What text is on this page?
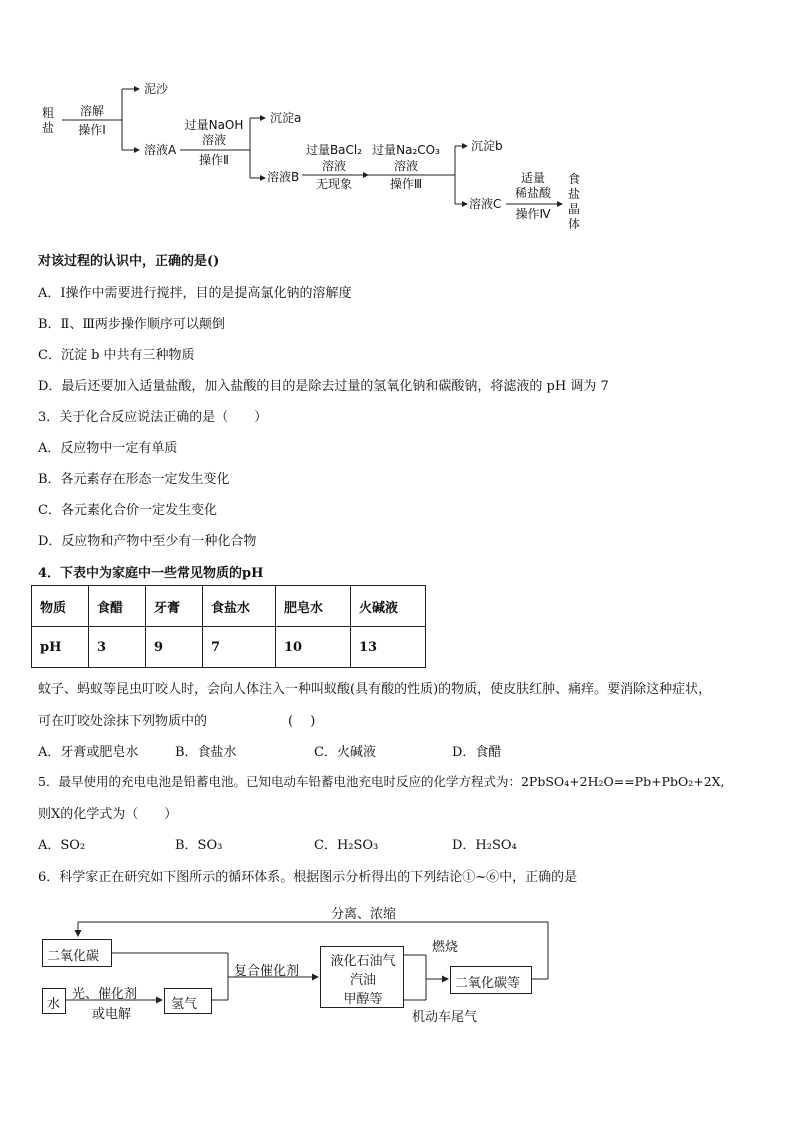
粗盐
溶解
操作Ⅰ
泥沙
溶液A
过量NaOH
溶液
操作Ⅱ
沉淀a
溶液B
过量BaCl₂
溶液
无现象
过量Na₂CO₃
溶液
操作Ⅲ
沉淀b
溶液C
适量
稀盐酸
操作Ⅳ
食盐晶体
对该过程的认识中，正确的是()
A．Ⅰ操作中需要进行搅拌，目的是提高氯化钠的溶解度
B．Ⅱ、Ⅲ两步操作顺序可以颠倒
C．沉淀 b 中共有三种物质
D．最后还要加入适量盐酸，加入盐酸的目的是除去过量的氢氧化钠和碳酸钠，将滤液的 pH 调为 7
3．关于化合反应说法正确的是（　　）
A．反应物中一定有单质
B．各元素存在形态一定发生变化
C．各元素化合价一定发生变化
D．反应物和产物中至少有一种化合物
4．下表中为家庭中一些常见物质的pH
物质	食醋	牙膏	食盐水	肥皂水	火碱液
pH	3	9	7	10	13
蚊子、蚂蚁等昆虫叮咬人时，会向人体注入一种叫蚁酸(具有酸的性质)的物质，使皮肤红肿、痛痒。要消除这种症状，
可在叮咬处涂抹下列物质中的	(　 )
A．牙膏或肥皂水	B．食盐水	C．火碱液	D．食醋
5．最早使用的充电电池是铅蓄电池。已知电动车铅蓄电池充电时反应的化学方程式为：2PbSO₄+2H₂O==Pb+PbO₂+2X,
则X的化学式为（　　）
A．SO₂	B．SO₃	C．H₂SO₃	D．H₂SO₄
6．科学家正在研究如下图所示的循环体系。根据图示分析得出的下列结论①~⑥中，正确的是
分离、浓缩
二氧化碳
水
光、催化剂
或电解
氢气
复合催化剂
液化石油气
汽油
甲醇等
燃烧
二氧化碳等
机动车尾气
